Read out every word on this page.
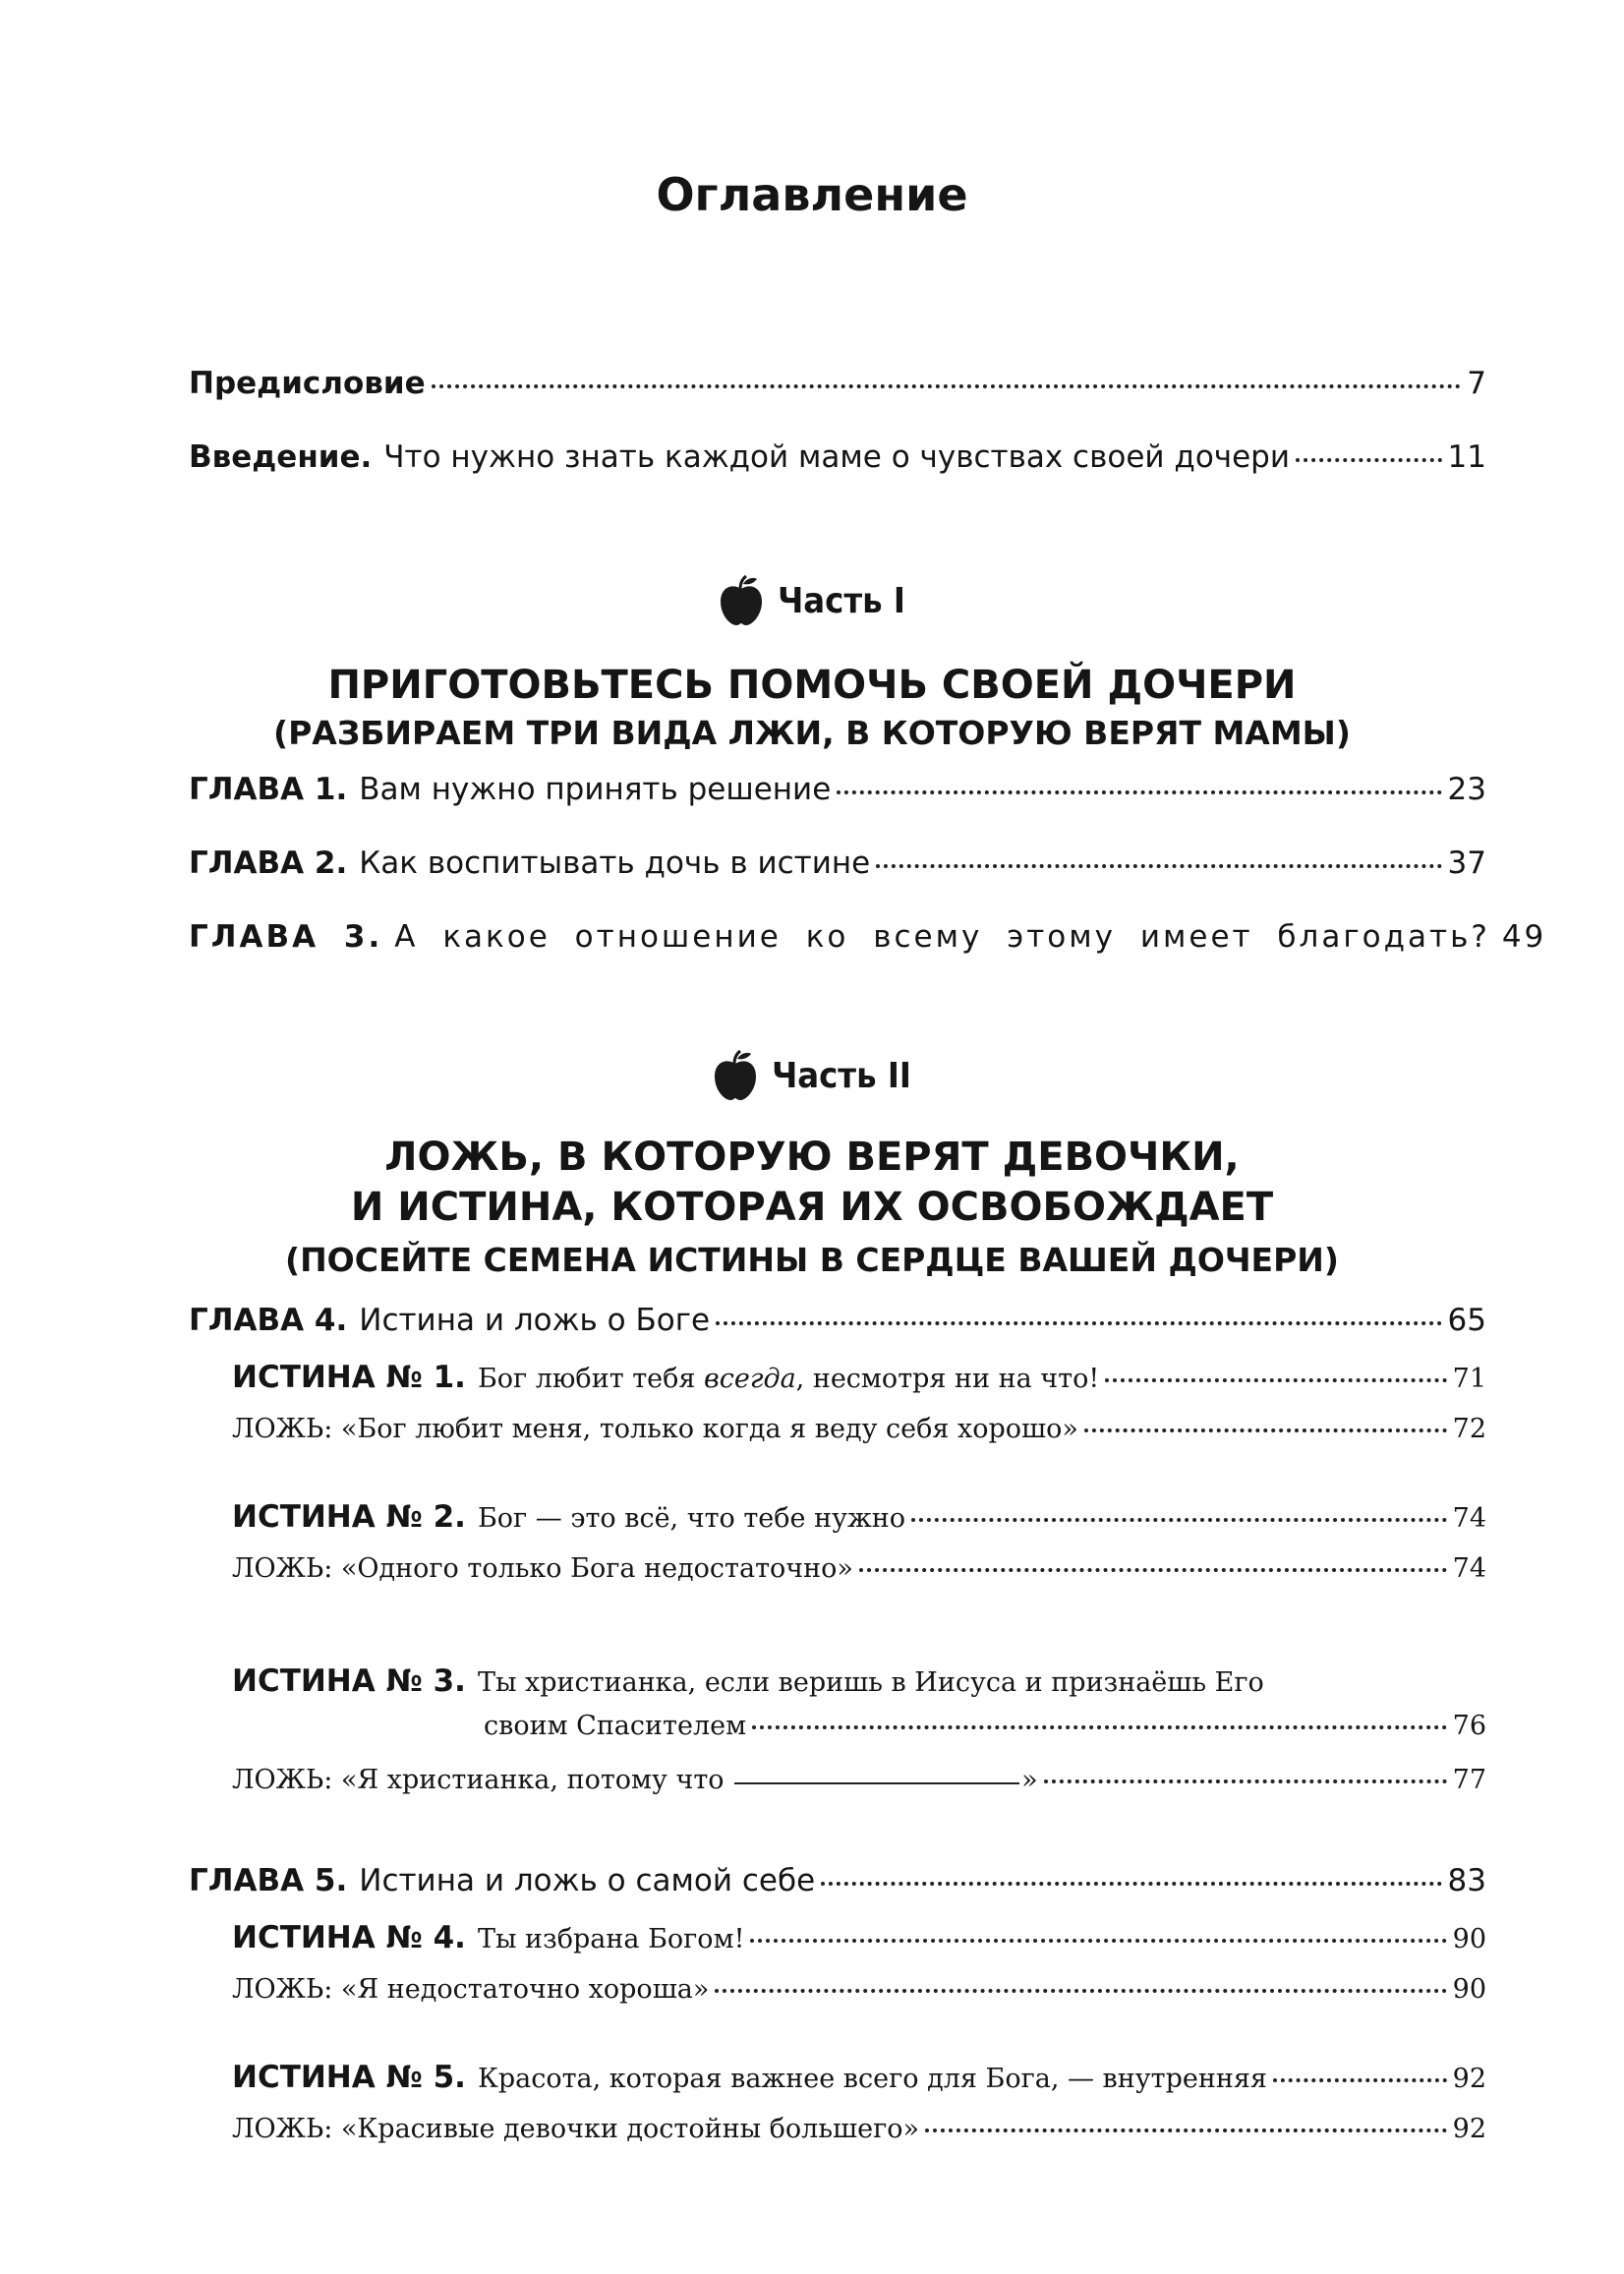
Оглавление
Предисловие	7
Введение. Что нужно знать каждой маме о чувствах своей дочери	11
Часть I
ПРИГОТОВЬТЕСЬ ПОМОЧЬ СВОЕЙ ДОЧЕРИ
(РАЗБИРАЕМ ТРИ ВИДА ЛЖИ, В КОТОРУЮ ВЕРЯТ МАМЫ)
ГЛАВА 1. Вам нужно принять решение	23
ГЛАВА 2. Как воспитывать дочь в истине	37
ГЛАВА 3. А какое отношение ко всему этому имеет благодать? 49
Часть II
ЛОЖЬ, В КОТОРУЮ ВЕРЯТ ДЕВОЧКИ,
И ИСТИНА, КОТОРАЯ ИХ ОСВОБОЖДАЕТ
(ПОСЕЙТЕ СЕМЕНА ИСТИНЫ В СЕРДЦЕ ВАШЕЙ ДОЧЕРИ)
ГЛАВА 4. Истина и ложь о Боге	65
ИСТИНА № 1. Бог любит тебя всегда, несмотря ни на что!	71
ЛОЖЬ: «Бог любит меня, только когда я веду себя хорошо»	72
ИСТИНА № 2. Бог — это всё, что тебе нужно	74
ЛОЖЬ: «Одного только Бога недостаточно»	74
ИСТИНА № 3. Ты христианка, если веришь в Иисуса и признаёшь Его
своим Спасителем	76
ЛОЖЬ: «Я христианка, потому что	»	77
ГЛАВА 5. Истина и ложь о самой себе	83
ИСТИНА № 4. Ты избрана Богом!	90
ЛОЖЬ: «Я недостаточно хороша»	90
ИСТИНА № 5. Красота, которая важнее всего для Бога, — внутренняя	92
ЛОЖЬ: «Красивые девочки достойны большего»	92
